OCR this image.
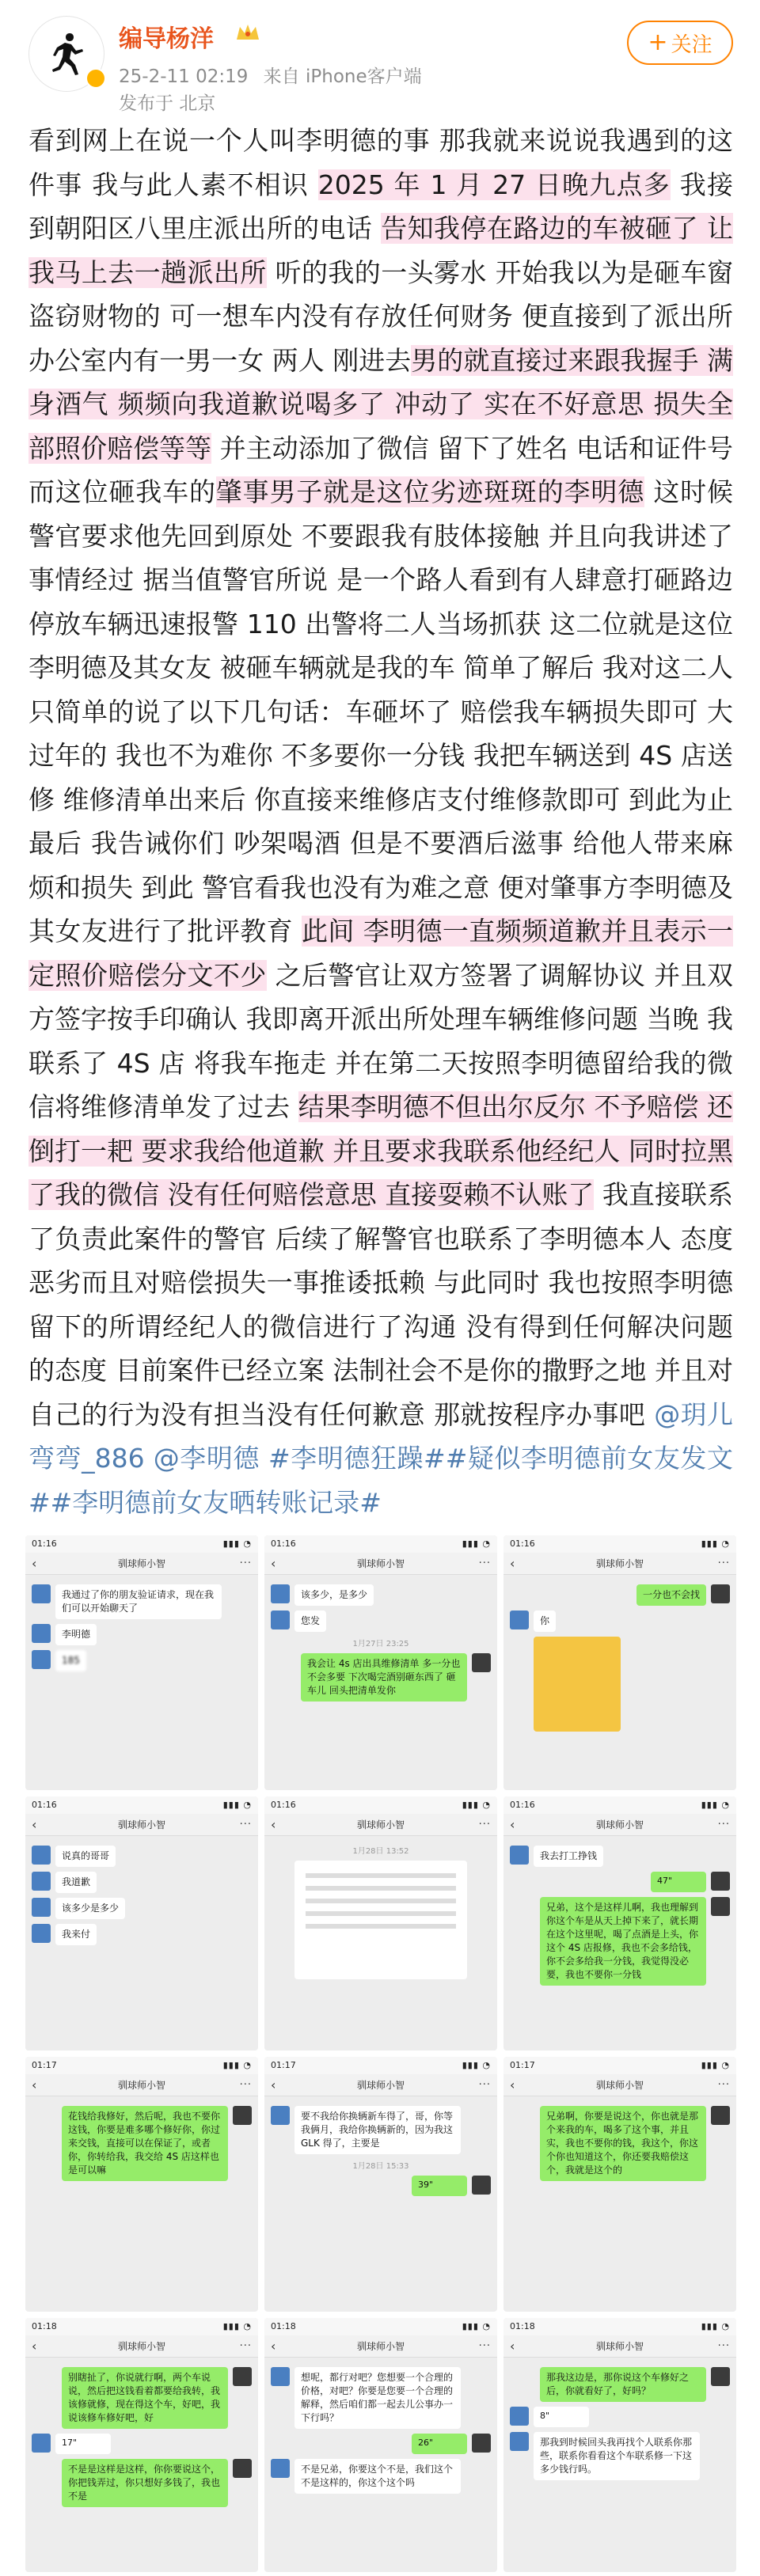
编导杨洋
25-2-11 02:19 来自 iPhone客户端
发布于 北京
+ 关注
看到网上在说一个人叫李明德的事 那我就来说说我遇到的这件事 我与此人素不相识 2025 年 1 月 27 日晚九点多 我接到朝阳区八里庄派出所的电话 告知我停在路边的车被砸了 让我马上去一趟派出所 听的我的一头雾水 开始我以为是砸车窗盗窃财物的 可一想车内没有存放任何财务 便直接到了派出所 办公室内有一男一女 两人 刚进去男的就直接过来跟我握手 满身酒气 频频向我道歉说喝多了 冲动了 实在不好意思 损失全部照价赔偿等等 并主动添加了微信 留下了姓名 电话和证件号 而这位砸我车的肇事男子就是这位劣迹斑斑的李明德 这时候警官要求他先回到原处 不要跟我有肢体接触 并且向我讲述了事情经过 据当值警官所说 是一个路人看到有人肆意打砸路边停放车辆迅速报警 110 出警将二人当场抓获 这二位就是这位李明德及其女友 被砸车辆就是我的车 简单了解后 我对这二人只简单的说了以下几句话：车砸坏了 赔偿我车辆损失即可 大过年的 我也不为难你 不多要你一分钱 我把车辆送到 4S 店送修 维修清单出来后 你直接来维修店支付维修款即可 到此为止 最后 我告诫你们 吵架喝酒 但是不要酒后滋事 给他人带来麻烦和损失 到此 警官看我也没有为难之意 便对肇事方李明德及其女友进行了批评教育 此间 李明德一直频频道歉并且表示一定照价赔偿分文不少 之后警官让双方签署了调解协议 并且双方签字按手印确认 我即离开派出所处理车辆维修问题 当晚 我联系了 4S 店 将我车拖走 并在第二天按照李明德留给我的微信将维修清单发了过去 结果李明德不但出尔反尔 不予赔偿 还倒打一耙 要求我给他道歉 并且要求我联系他经纪人 同时拉黑了我的微信 没有任何赔偿意思 直接耍赖不认账了 我直接联系了负责此案件的警官 后续了解警官也联系了李明德本人 态度恶劣而且对赔偿损失一事推诿抵赖 与此同时 我也按照李明德留下的所谓经纪人的微信进行了沟通 没有得到任何解决问题的态度 目前案件已经立案 法制社会不是你的撒野之地 并且对自己的行为没有担当没有任何歉意 那就按程序办事吧 @玥儿弯弯_886 @李明德 #李明德狂躁##疑似李明德前女友发文##李明德前女友晒转账记录#
01:16	▮▮▮ ◔
‹	驯球师小智	···
我通过了你的朋友验证请求，现在我们可以开始聊天了
李明德
185
01:16	▮▮▮ ◔
‹	驯球师小智	···
该多少，是多少
您发
1月27日 23:25
我会让 4s 店出具维修清单 多一分也不会多要 下次喝完酒别砸东西了 砸车儿 回头把清单发你
01:16	▮▮▮ ◔
‹	驯球师小智	···
一分也不会找
你
01:16	▮▮▮ ◔
‹	驯球师小智	···
说真的哥哥
我道歉
该多少是多少
我来付
01:16	▮▮▮ ◔
‹	驯球师小智	···
1月28日 13:52
01:16	▮▮▮ ◔
‹	驯球师小智	···
我去打工挣钱
47"
兄弟，这个是这样儿啊，我也理解到你这个车是从天上掉下来了，就长期在这个这里呢，喝了点酒是上头，你这个 4S 店报修，我也不会多给钱，你不会多给我一分钱，我觉得没必要，我也不要你一分钱
01:17	▮▮▮ ◔
‹	驯球师小智	···
花钱给我修好，然后呢，我也不要你这钱，你要是难多哪个修好你，你过来交钱，直接可以在保证了，或者你，你转给我，我交给 4S 店这样也是可以嘛
01:17	▮▮▮ ◔
‹	驯球师小智	···
要不我给你换辆新车得了，哥，你等我俩月，我给你换辆新的，因为我这 GLK 得了，主要是
1月28日 15:33
39"
01:17	▮▮▮ ◔
‹	驯球师小智	···
兄弟啊，你要是说这个，你也就是那个来我的车，喝多了这个事，并且实，我也不要你的钱，我这个，你这个你也知道这个，你还要我赔偿这个，我就是这个的
01:18	▮▮▮ ◔
‹	驯球师小智	···
别瞎扯了，你说就行啊，两个车说说，然后把这钱看着都要给我转，我该修就修，现在得这个车，好吧，我说该修车修好吧，好
17"
不是是这样是这样，你你要说这个，你把钱弄过，你只想好多钱了，我也不是
01:18	▮▮▮ ◔
‹	驯球师小智	···
想呢，都行对吧？您想要一个合理的价格，对吧？你要是您要一个合理的解释，然后咱们都一起去儿公事办一下行吗？
26"
不是兄弟，你要这个不是，我们这个不是这样的，你这个这个吗
01:18	▮▮▮ ◔
‹	驯球师小智	···
那我这边是，那你说这个车修好之后，你就看好了，好吗？
8"
那我到时候回头我再找个人联系你那些，联系你看看这个车联系修一下这多少钱行吗。
